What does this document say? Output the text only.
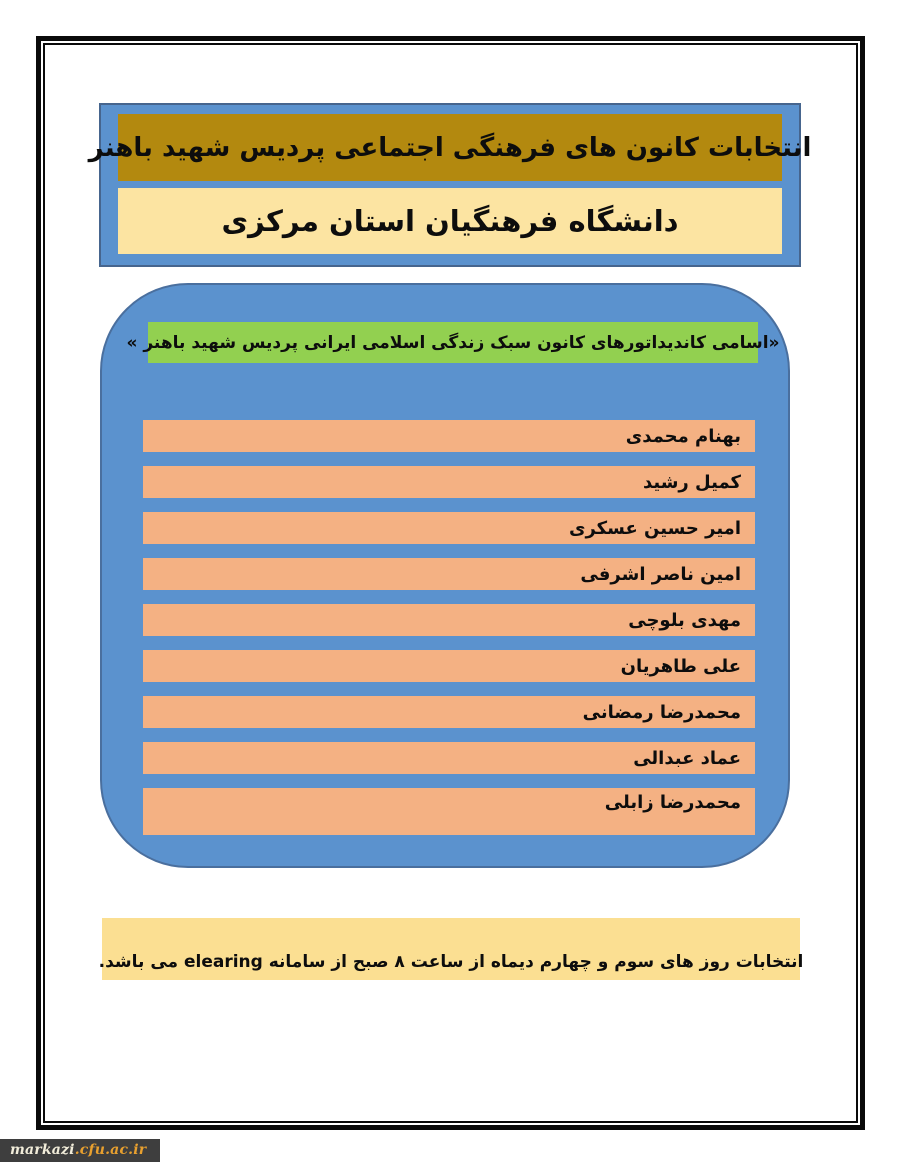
انتخابات کانون های فرهنگی اجتماعی پردیس شهید باهنر
دانشگاه فرهنگیان استان مرکزی
«اسامی کاندیداتورهای کانون سبک زندگی اسلامی ایرانی پردیس شهید باهنر »
بهنام محمدی
کمیل رشید
امیر حسین عسکری
امین ناصر اشرفی
مهدی بلوچی
علی طاهریان
محمدرضا رمضانی
عماد عبدالی
محمدرضا زابلی
انتخابات روز های سوم و چهارم دیماه از ساعت ۸ صبح از سامانه elearing می باشد.
markazi .cfu.ac.ir
